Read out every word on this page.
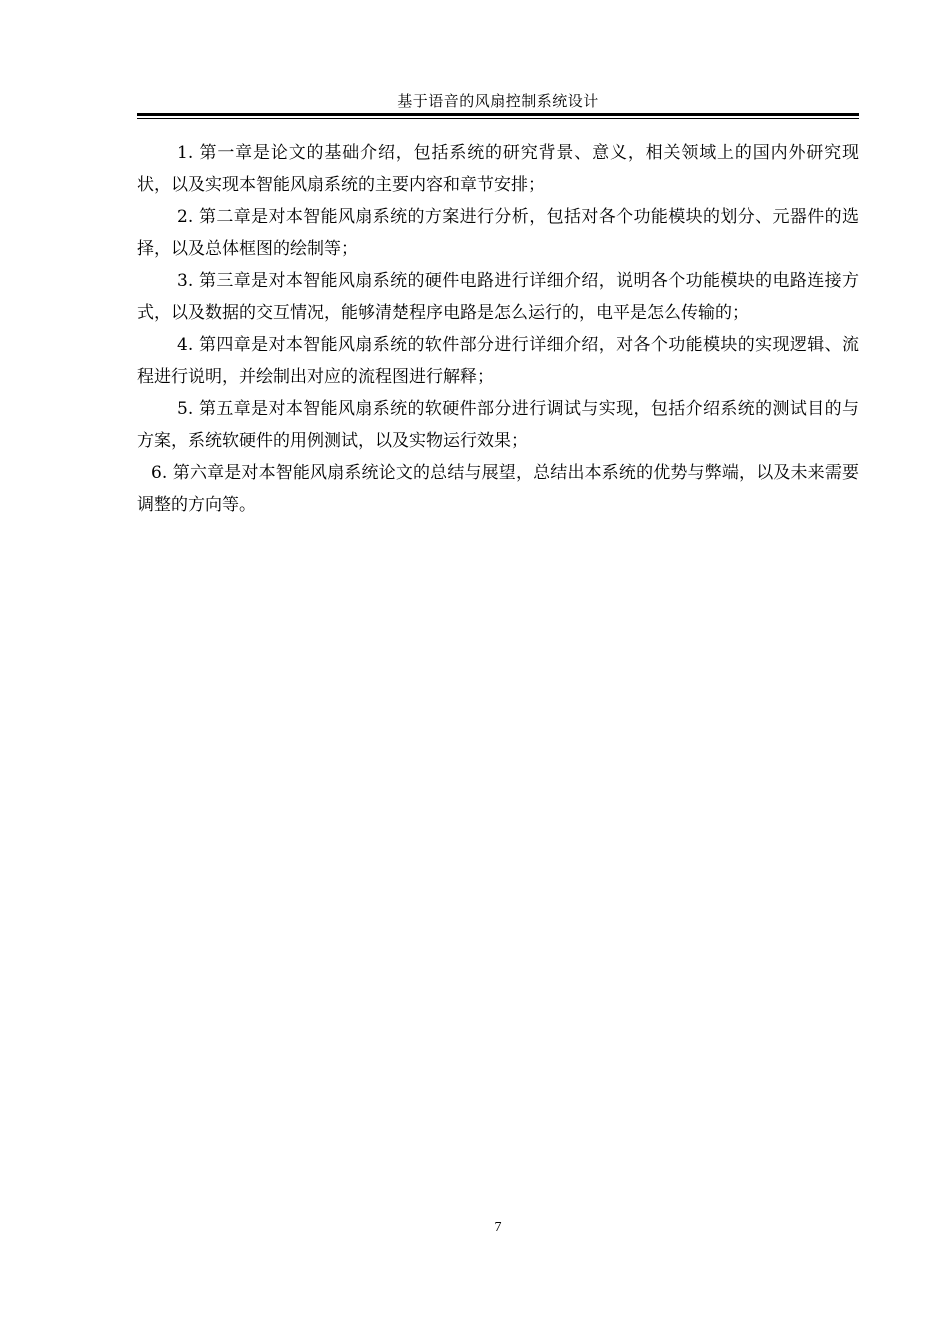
基于语音的风扇控制系统设计

1. 第一章是论文的基础介绍，包括系统的研究背景、意义，相关领域上的国内外研究现状，以及实现本智能风扇系统的主要内容和章节安排；

2. 第二章是对本智能风扇系统的方案进行分析，包括对各个功能模块的划分、元器件的选择，以及总体框图的绘制等；

3. 第三章是对本智能风扇系统的硬件电路进行详细介绍，说明各个功能模块的电路连接方式，以及数据的交互情况，能够清楚程序电路是怎么运行的，电平是怎么传输的；

4. 第四章是对本智能风扇系统的软件部分进行详细介绍，对各个功能模块的实现逻辑、流程进行说明，并绘制出对应的流程图进行解释；

5. 第五章是对本智能风扇系统的软硬件部分进行调试与实现，包括介绍系统的测试目的与方案，系统软硬件的用例测试，以及实物运行效果；

6. 第六章是对本智能风扇系统论文的总结与展望，总结出本系统的优势与弊端，以及未来需要调整的方向等。

7
